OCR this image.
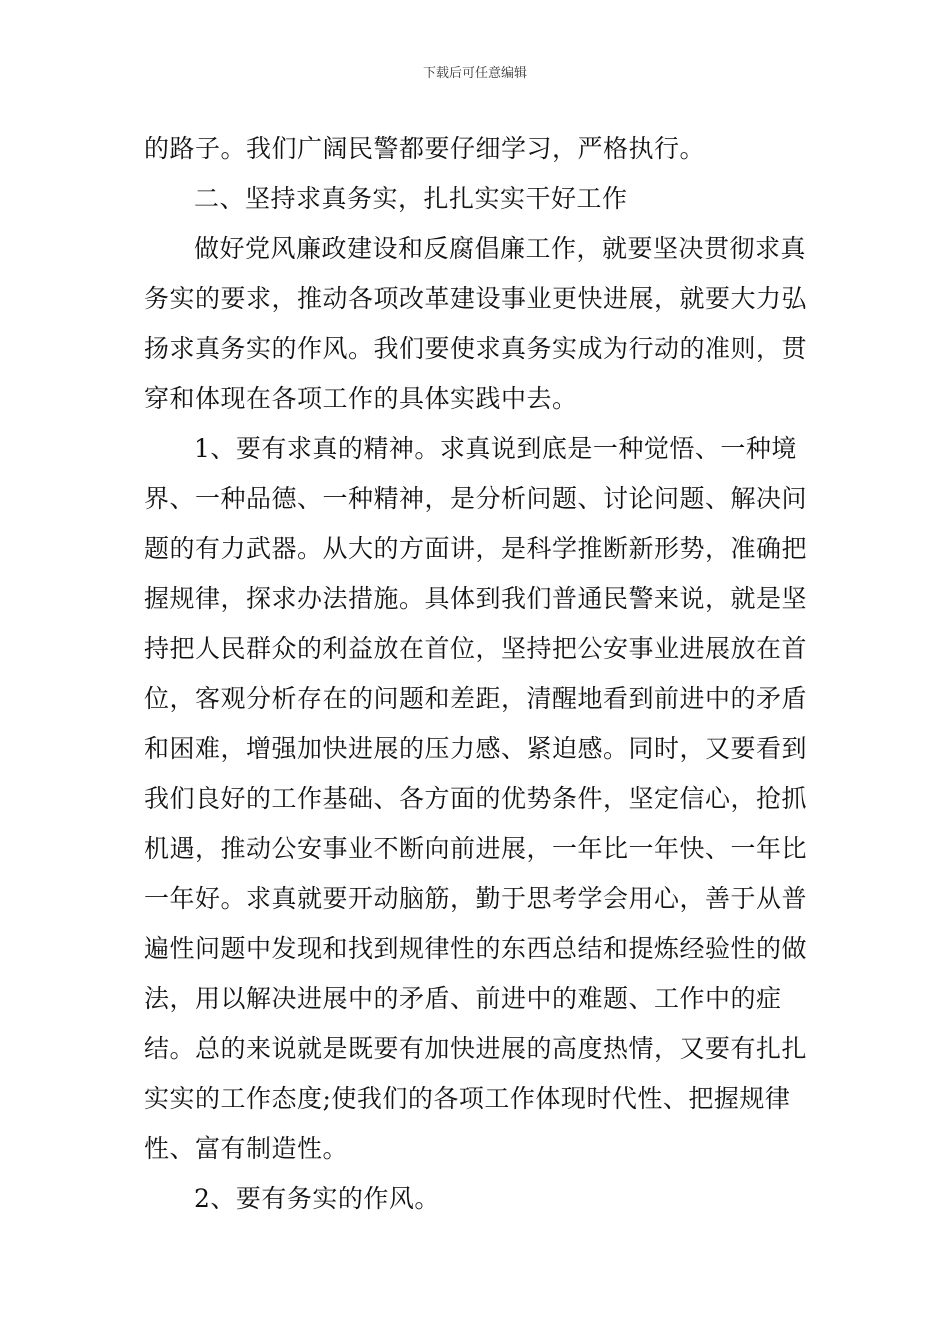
下载后可任意编辑

的路子。我们广阔民警都要仔细学习，严格执行。

二、坚持求真务实，扎扎实实干好工作

做好党风廉政建设和反腐倡廉工作，就要坚决贯彻求真务实的要求，推动各项改革建设事业更快进展，就要大力弘扬求真务实的作风。我们要使求真务实成为行动的准则，贯穿和体现在各项工作的具体实践中去。

1、要有求真的精神。求真说到底是一种觉悟、一种境界、一种品德、一种精神，是分析问题、讨论问题、解决问题的有力武器。从大的方面讲，是科学推断新形势，准确把握规律，探求办法措施。具体到我们普通民警来说，就是坚持把人民群众的利益放在首位，坚持把公安事业进展放在首位，客观分析存在的问题和差距，清醒地看到前进中的矛盾和困难，增强加快进展的压力感、紧迫感。同时，又要看到我们良好的工作基础、各方面的优势条件，坚定信心，抢抓机遇，推动公安事业不断向前进展，一年比一年快、一年比一年好。求真就要开动脑筋，勤于思考学会用心，善于从普遍性问题中发现和找到规律性的东西总结和提炼经验性的做法，用以解决进展中的矛盾、前进中的难题、工作中的症结。总的来说就是既要有加快进展的高度热情，又要有扎扎实实的工作态度;使我们的各项工作体现时代性、把握规律性、富有制造性。

2、要有务实的作风。
